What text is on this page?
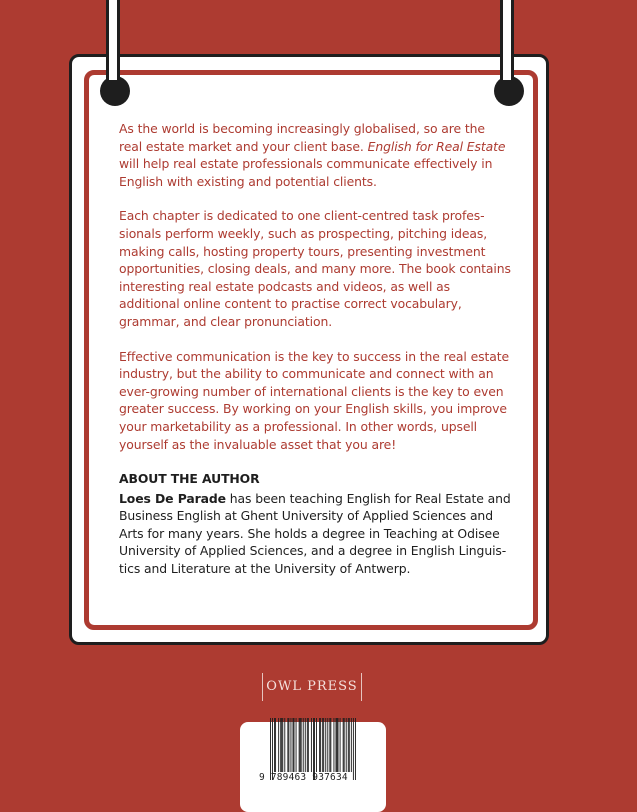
As the world is becoming increasingly globalised, so are the real estate market and your client base. English for Real Estate will help real estate professionals communicate effectively in English with existing and potential clients.

Each chapter is dedicated to one client-centred task professionals perform weekly, such as prospecting, pitching ideas, making calls, hosting property tours, presenting investment opportunities, closing deals, and many more. The book contains interesting real estate podcasts and videos, as well as additional online content to practise correct vocabulary, grammar, and clear pronunciation.

Effective communication is the key to success in the real estate industry, but the ability to communicate and connect with an ever-growing number of international clients is the key to even greater success. By working on your English skills, you improve your marketability as a professional. In other words, upsell yourself as the invaluable asset that you are!

ABOUT THE AUTHOR

Loes De Parade has been teaching English for Real Estate and Business English at Ghent University of Applied Sciences and Arts for many years. She holds a degree in Teaching at Odisee University of Applied Sciences, and a degree in English Linguistics and Literature at the University of Antwerp.

OWL PRESS
9 789463 937634
